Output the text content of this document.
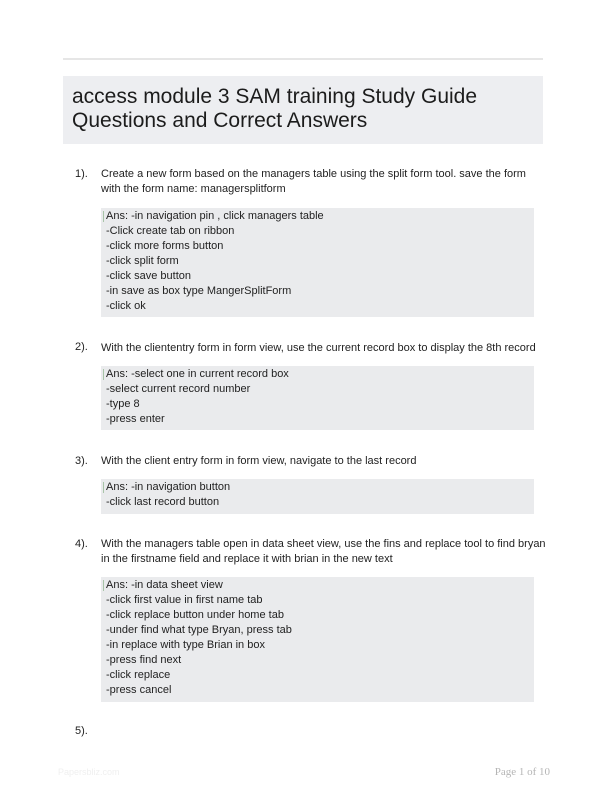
access module 3 SAM training Study Guide
Questions and Correct Answers
1). Create a new form based on the managers table using the split form tool. save the form
with the form name: managersplitform
Ans: -in navigation pin , click managers table
-Click create tab on ribbon
-click more forms button
-click split form
-click save button
-in save as box type MangerSplitForm
-click ok
2). With the cliententry form in form view, use the current record box to display the 8th record
Ans: -select one in current record box
-select current record number
-type 8
-press enter
3). With the client entry form in form view, navigate to the last record
Ans: -in navigation button
-click last record button
4). With the managers table open in data sheet view, use the fins and replace tool to find bryan
in the firstname field and replace it with brian in the new text
Ans: -in data sheet view
-click first value in first name tab
-click replace button under home tab
-under find what type Bryan, press tab
-in replace with type Brian in box
-press find next
-click replace
-press cancel
5).
Papersbliz.com	Page 1 of 10
